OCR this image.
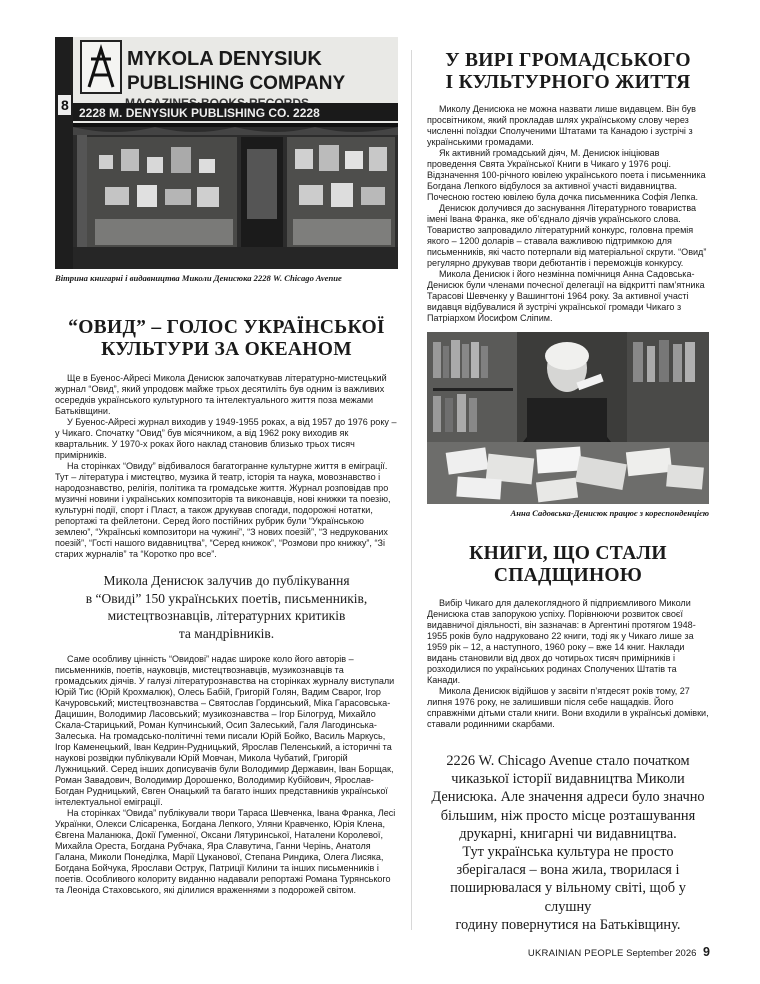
MYKOLA DENYSIUK
PUBLISHING COMPANY
2228 M. DENYSIUK PUBLISHING CO. 2228
8
Вітрина книгарні і видавництва Миколи Денисюка 2228 W. Chicago Avenue
“ОВИД” – ГОЛОС УКРАЇНСЬКОЇ
КУЛЬТУРИ ЗА ОКЕАНОМ

Ще в Буенос-Айресі Микола Денисюк започаткував літературно-мистецький журнал “Овид”, який упродовж майже трьох десятиліть був одним із важливих осередків українського культурного та інтелектуального життя поза межами Батьківщини.

У Буенос-Айресі журнал виходив у 1949-1955 роках, а від 1957 до 1976 року – у Чикаго. Спочатку “Овид” був місячником, а від 1962 року виходив як квартальник. У 1970-х роках його наклад становив близько трьох тисяч примірників.

На сторінках “Овиду” відбивалося багатогранне культурне життя в еміграції. Тут – література і мистецтво, музика й театр, історія та наука, мовознавство і народознавство, релігія, політика та громадське життя. Журнал розповідав про музичні новини і українських композиторів та виконавців, нові книжки та поезію, культурні події, спорт і Пласт, а також друкував спогади, подорожні нотатки, репортажі та фейлетони. Серед його постійних рубрик були “Українською землею”, “Українські композитори на чужині”, “З нових поезій”, “З недрукованих поезій”, “Гості нашого видавництва”, “Серед книжок”, “Розмови про книжку”, “Зі старих журналів” та “Коротко про все”.

Микола Денисюк залучив до публікування
в “Овиді” 150 українських поетів, письменників,
мистецтвознавців, літературних критиків
та мандрівників.

Саме особливу цінність “Овидові” надає широке коло його авторів – письменників, поетів, науковців, мистецтвознавців, музикознавців та громадських діячів. У галузі літературознавства на сторінках журналу виступали Юрій Тис (Юрій Крохмалюк), Олесь Бабій, Григорій Голян, Вадим Сварог, Ігор Качуровський; мистецтвознавства – Святослав Гординський, Міка Гарасовська-Дацишин, Володимир Ласовський; музикознавства – Ігор Білогруд, Михайло Скала-Старицький, Роман Купчинський, Осип Залеський, Галя Лагодинська-Залеська. На громадсько-політичні теми писали Юрій Бойко, Василь Маркусь, Ігор Каменецький, Іван Кедрин-Рудницький, Ярослав Пеленський, а історичні та наукові розвідки публікували Юрій Мовчан, Микола Чубатий, Григорій Лужницький. Серед інших дописувачів були Володимир Державин, Іван Борщак, Роман Завадович, Володимир Дорошенко, Володимир Кубійович, Ярослав-Богдан Рудницький, Євген Онацький та багато інших представників української інтелектуальної еміграції.

На сторінках “Овида” публікували твори Тараса Шевченка, Івана Франка, Лесі Українки, Олекси Слісаренка, Богдана Лепкого, Уляни Кравченко, Юрія Клена, Євгена Маланюка, Докії Гуменної, Оксани Лятуринської, Наталени Королевої, Михайла Ореста, Богдана Рубчака, Яра Славутича, Ганни Черінь, Анатоля Галана, Миколи Понеділка, Марії Цуканової, Степана Риндика, Олега Лисяка, Богдана Бойчука, Ярослави Острук, Патриції Килини та інших письменників і поетів. Особливого колориту виданню надавали репортажі Романа Турянського та Леоніда Стаховського, які ділилися враженнями з подорожей світом.

У ВИРІ ГРОМАДСЬКОГО
І КУЛЬТУРНОГО ЖИТТЯ

Миколу Денисюка не можна назвати лише видавцем. Він був просвітником, який прокладав шлях українському слову через численні поїздки Сполученими Штатами та Канадою і зустрічі з українськими громадами.

Як активний громадський діяч, М. Денисюк ініціював проведення Свята Української Книги в Чикаго у 1976 році. Відзначення 100-річного ювілею українського поета і письменника Богдана Лепкого відбулося за активної участі видавництва. Почесною гостею ювілею була дочка письменника Софія Лепка.

Денисюк долучився до заснування Літературного товариства імені Івана Франка, яке об’єднало діячів українського слова. Товариство запровадило літературний конкурс, головна премія якого – 1200 доларів – ставала важливою підтримкою для письменників, які часто потерпали від матеріальної скрути. “Овид” регулярно друкував твори дебютантів і переможців конкурсу.

Микола Денисюк і його незмінна помічниця Анна Садовська-Денисюк були членами почесної делегації на відкритті пам’ятника Тарасові Шевченку у Вашингтоні 1964 року. За активної участі видавця відбувалися й зустрічі української громади Чикаго з Патріархом Йосифом Сліпим.

Анна Садовська-Денисюк працює з кореспонденцією
КНИГИ, ЩО СТАЛИ
СПАДЩИНОЮ

Вибір Чикаго для далекоглядного й підприємливого Миколи Денисюка став запорукою успіху. Порівнюючи розвиток своєї видавничої діяльності, він зазначав: в Аргентині протягом 1948-1955 років було надруковано 22 книги, тоді як у Чикаго лише за 1959 рік – 12, а наступного, 1960 року – вже 14 книг. Наклади видань становили від двох до чотирьох тисяч примірників і розходилися по українських родинах Сполучених Штатів та Канади.

Микола Денисюк відійшов у засвіти п’ятдесят років тому, 27 липня 1976 року, не залишивши після себе нащадків. Його справжніми дітьми стали книги. Вони входили в українські домівки, ставали родинними скарбами.

2226 W. Chicago Avenue стало початком
чиказької історії видавництва Миколи
Денисюка. Але значення адреси було значно
більшим, ніж просто місце розташування
друкарні, книгарні чи видавництва.
Тут українська культура не просто
зберігалася – вона жила, творилася і
поширювалася у вільному світі, щоб у слушну
годину повернутися на Батьківщину.
UKRAINIAN PEOPLE September 2026 9
